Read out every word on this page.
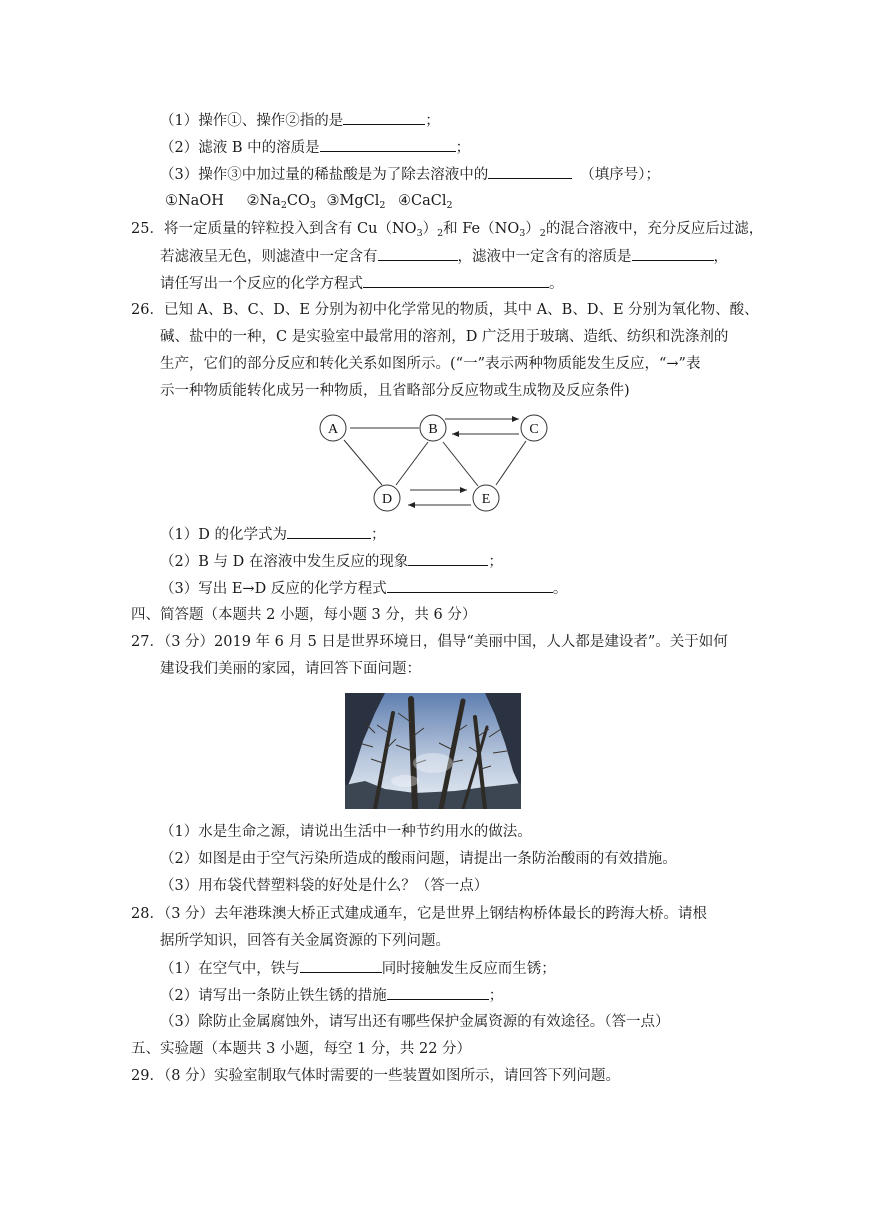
（1）操作①、操作②指的是	；
（2）滤液 B 中的溶质是	；
（3）操作③中加过量的稀盐酸是为了除去溶液中的	（填序号）；
①NaOH $②Na_2CO_3$ ③MgCl$_2$ ④CaCl$_2$
25．将一定质量的锌粒投入到含有 $Cu(NO_3)_2$和 $Fe(NO_3)_2$的混合溶液中，充分反应后过滤，
若滤液呈无色，则滤渣中一定含有	，滤液中一定含有的溶质是	，
请任写出一个反应的化学方程式	。
26．已知 A、B、C、D、E 分别为初中化学常见的物质，其中 A、B、D、E 分别为氧化物、酸、
碱、盐中的一种，C 是实验室中最常用的溶剂，D 广泛用于玻璃、造纸、纺织和洗涤剂的
生产，它们的部分反应和转化关系如图所示。(“一”表示两种物质能发生反应，“→”表
示一种物质能转化成另一种物质，且省略部分反应物或生成物及反应条件)
A	B	C
D	E
（1）D 的化学式为	；
（2）B 与 D 在溶液中发生反应的现象	；
（3）写出 E→D 反应的化学方程式	。
四、简答题（本题共 2 小题，每小题 3 分，共 6 分）
27．（3 分）2019 年 6 月 5 日是世界环境日，倡导“美丽中国，人人都是建设者”。关于如何
建设我们美丽的家园，请回答下面问题：
（1）水是生命之源，请说出生活中一种节约用水的做法。
（2）如图是由于空气污染所造成的酸雨问题，请提出一条防治酸雨的有效措施。
（3）用布袋代替塑料袋的好处是什么？（答一点）
28．（3 分）去年港珠澳大桥正式建成通车，它是世界上钢结构桥体最长的跨海大桥。请根
据所学知识，回答有关金属资源的下列问题。
（1）在空气中，铁与	同时接触发生反应而生锈；
（2）请写出一条防止铁生锈的措施	；
（3）除防止金属腐蚀外，请写出还有哪些保护金属资源的有效途径。（答一点）
五、实验题（本题共 3 小题，每空 1 分，共 22 分）
29．（8 分）实验室制取气体时需要的一些装置如图所示，请回答下列问题。
